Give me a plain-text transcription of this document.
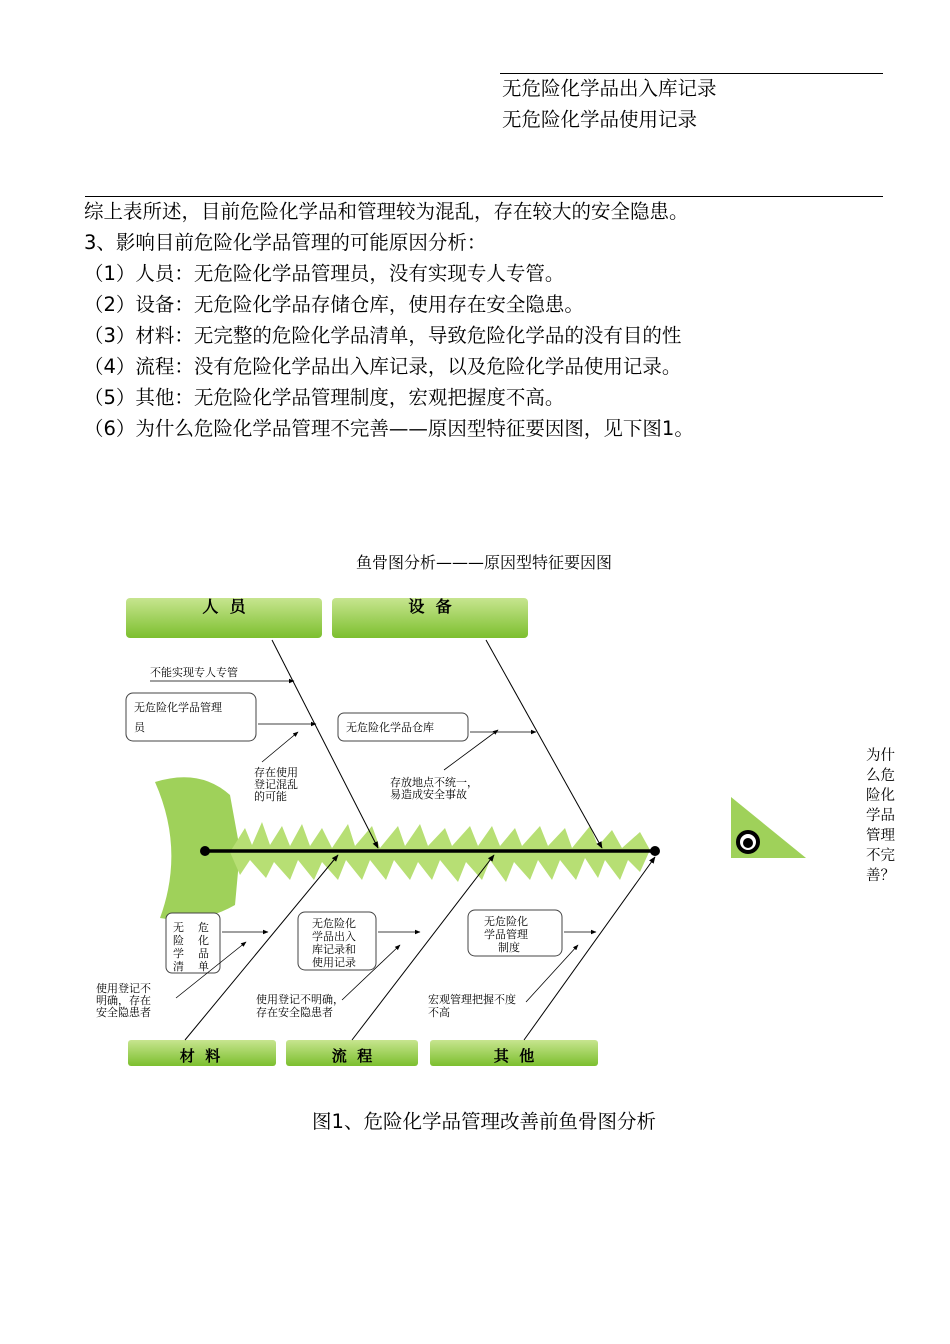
无危险化学品出入库记录
无危险化学品使用记录
综上表所述，目前危险化学品和管理较为混乱，存在较大的安全隐患。
3、影响目前危险化学品管理的可能原因分析：
（1）人员：无危险化学品管理员，没有实现专人专管。
（2）设备：无危险化学品存储仓库，使用存在安全隐患。
（3）材料：无完整的危险化学品清单，导致危险化学品的没有目的性
（4）流程：没有危险化学品出入库记录，以及危险化学品使用记录。
（5）其他：无危险化学品管理制度，宏观把握度不高。
（6）为什么危险化学品管理不完善——原因型特征要因图，见下图1。
鱼骨图分析———原因型特征要因图
人  员	设  备
材  料	流  程	其  他
不能实现专人专管
无危险化学品管理
员
存在使用
登记混乱
的可能
无危险化学品仓库
存放地点不统一，
易造成安全事故
无 危
险 化
学 品
清 单
使用登记不
明确，存在
安全隐患者
无危险化
学品出入
库记录和
使用记录
使用登记不明确，
存在安全隐患者
无危险化
学品管理
制度
宏观管理把握不度
不高
为什么危险化学品管理不完善？
图1、危险化学品管理改善前鱼骨图分析
